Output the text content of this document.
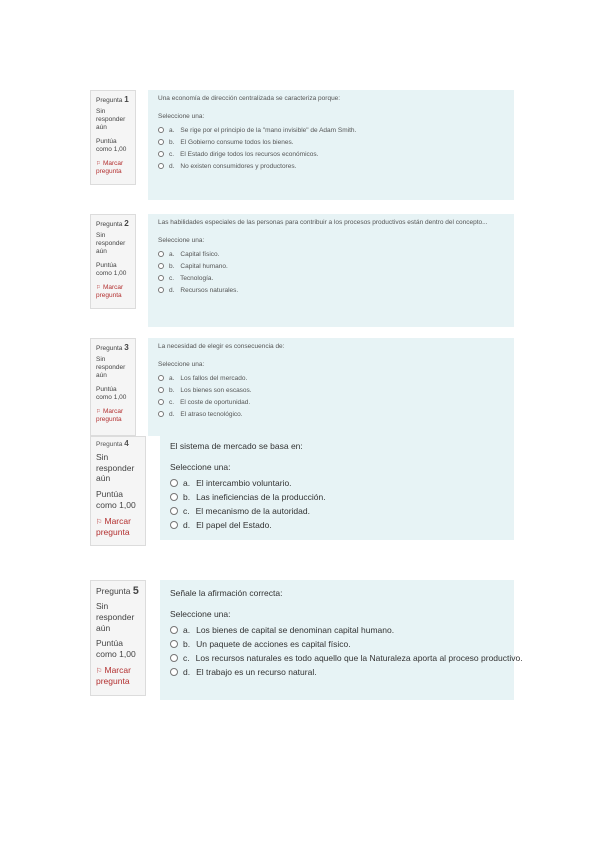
Pregunta 1
Sin responder aún
Puntúa como 1,00
⚐ Marcar pregunta
Una economía de dirección centralizada se caracteriza porque:
Seleccione una:
a. Se rige por el principio de la "mano invisible" de Adam Smith.
b. El Gobierno consume todos los bienes.
c. El Estado dirige todos los recursos económicos.
d. No existen consumidores y productores.
Pregunta 2
Sin responder aún
Puntúa como 1,00
⚐ Marcar pregunta
Las habilidades especiales de las personas para contribuir a los procesos productivos están dentro del concepto...
Seleccione una:
a. Capital físico.
b. Capital humano.
c. Tecnología.
d. Recursos naturales.
Pregunta 3
Sin responder aún
Puntúa como 1,00
⚐ Marcar pregunta
La necesidad de elegir es consecuencia de:
Seleccione una:
a. Los fallos del mercado.
b. Los bienes son escasos.
c. El coste de oportunidad.
d. El atraso tecnológico.
Pregunta 4
Sin responder aún
Puntúa como 1,00
⚐ Marcar pregunta
El sistema de mercado se basa en:
Seleccione una:
a. El intercambio voluntario.
b. Las ineficiencias de la producción.
c. El mecanismo de la autoridad.
d. El papel del Estado.
Pregunta 5
Sin responder aún
Puntúa como 1,00
⚐ Marcar pregunta
Señale la afirmación correcta:
Seleccione una:
a. Los bienes de capital se denominan capital humano.
b. Un paquete de acciones es capital físico.
c. Los recursos naturales es todo aquello que la Naturaleza aporta al proceso productivo.
d. El trabajo es un recurso natural.
